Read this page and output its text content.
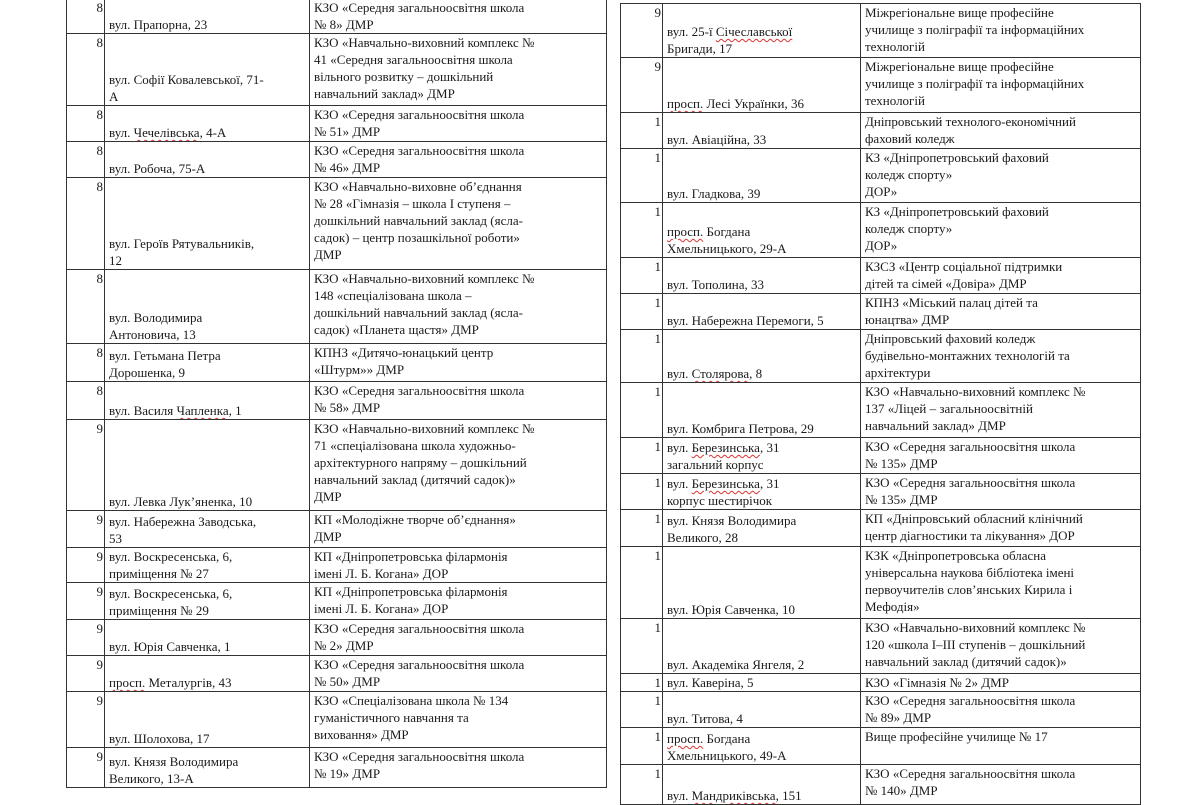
8	вул. Прапорна, 23	КЗО «Середня загальноосвітня школа
№ 8» ДМР

8	вул. Софії Ковалевської, 71-
А	КЗО «Навчально-виховний комплекс №
41 «Середня загальноосвітня школа
вільного розвитку – дошкільний
навчальний заклад» ДМР

8	вул. Чечелівська, 4-А	КЗО «Середня загальноосвітня школа
№ 51» ДМР

8	вул. Робоча, 75-А	КЗО «Середня загальноосвітня школа
№ 46» ДМР

8	вул. Героїв Рятувальників,
12	КЗО «Навчально-виховне об’єднання
№ 28 «Гімназія – школа I ступеня –
дошкільний навчальний заклад (ясла-
садок) – центр позашкільної роботи»
ДМР

8	вул. Володимира
Антоновича, 13	КЗО «Навчально-виховний комплекс №
148 «спеціалізована школа –
дошкільний навчальний заклад (ясла-
садок) «Планета щастя» ДМР

8	вул. Гетьмана Петра
Дорошенка, 9	КПНЗ «Дитячо-юнацький центр
«Штурм»» ДМР

8	вул. Василя Чапленка, 1	КЗО «Середня загальноосвітня школа
№ 58» ДМР

9	вул. Левка Лук’яненка, 10	КЗО «Навчально-виховний комплекс №
71 «спеціалізована школа художньо-
архітектурного напряму – дошкільний
навчальний заклад (дитячий садок)»
ДМР

9	вул. Набережна Заводська,
53	КП «Молодіжне творче об’єднання»
ДМР

9	вул. Воскресенська, 6,
приміщення № 27	КП «Дніпропетровська філармонія
імені Л. Б. Когана» ДОР

9	вул. Воскресенська, 6,
приміщення № 29	КП «Дніпропетровська філармонія
імені Л. Б. Когана» ДОР

9	вул. Юрія Савченка, 1	КЗО «Середня загальноосвітня школа
№ 2» ДМР

9	просп. Металургів, 43	КЗО «Середня загальноосвітня школа
№ 50» ДМР

9	вул. Шолохова, 17	КЗО «Спеціалізована школа № 134
гуманістичного навчання та
виховання» ДМР

9	вул. Князя Володимира
Великого, 13-А	КЗО «Середня загальноосвітня школа
№ 19» ДМР
9	вул. 25-ї Січеславської
Бригади, 17	Міжрегіональне вище професійне
училище з поліграфії та інформаційних
технологій

9	просп. Лесі Українки, 36	Міжрегіональне вище професійне
училище з поліграфії та інформаційних
технологій

1	вул. Авіаційна, 33	Дніпровський технолого-економічний
фаховий коледж

1	вул. Гладкова, 39	КЗ «Дніпропетровський фаховий
коледж спорту»
ДОР»

1	просп. Богдана
Хмельницького, 29-А	КЗ «Дніпропетровський фаховий
коледж спорту»
ДОР»

1	вул. Тополина, 33	КЗСЗ «Центр соціальної підтримки
дітей та сімей «Довіра» ДМР

1	вул. Набережна Перемоги, 5	КПНЗ «Міський палац дітей та
юнацтва» ДМР

1	вул. Столярова, 8	Дніпровський фаховий коледж
будівельно-монтажних технологій та
архітектури

1	вул. Комбрига Петрова, 29	КЗО «Навчально-виховний комплекс №
137 «Ліцей – загальноосвітній
навчальний заклад» ДМР

1	вул. Березинська, 31
загальний корпус	КЗО «Середня загальноосвітня школа
№ 135» ДМР

1	вул. Березинська, 31
корпус шестирічок	КЗО «Середня загальноосвітня школа
№ 135» ДМР

1	вул. Князя Володимира
Великого, 28	КП «Дніпровський обласний клінічний
центр діагностики та лікування» ДОР

1	вул. Юрія Савченка, 10	КЗК «Дніпропетровська обласна
універсальна наукова бібліотека імені
первоучителів слов’янських Кирила і
Мефодія»

1	вул. Академіка Янгеля, 2	КЗО «Навчально-виховний комплекс №
120 «школа І–ІІІ ступенів – дошкільний
навчальний заклад (дитячий садок)»

1	вул. Каверіна, 5	КЗО «Гімназія № 2» ДМР

1	вул. Титова, 4	КЗО «Середня загальноосвітня школа
№ 89» ДМР

1	просп. Богдана
Хмельницького, 49-А	Вище професійне училище № 17

1	вул. Мандриківська, 151	КЗО «Середня загальноосвітня школа
№ 140» ДМР
